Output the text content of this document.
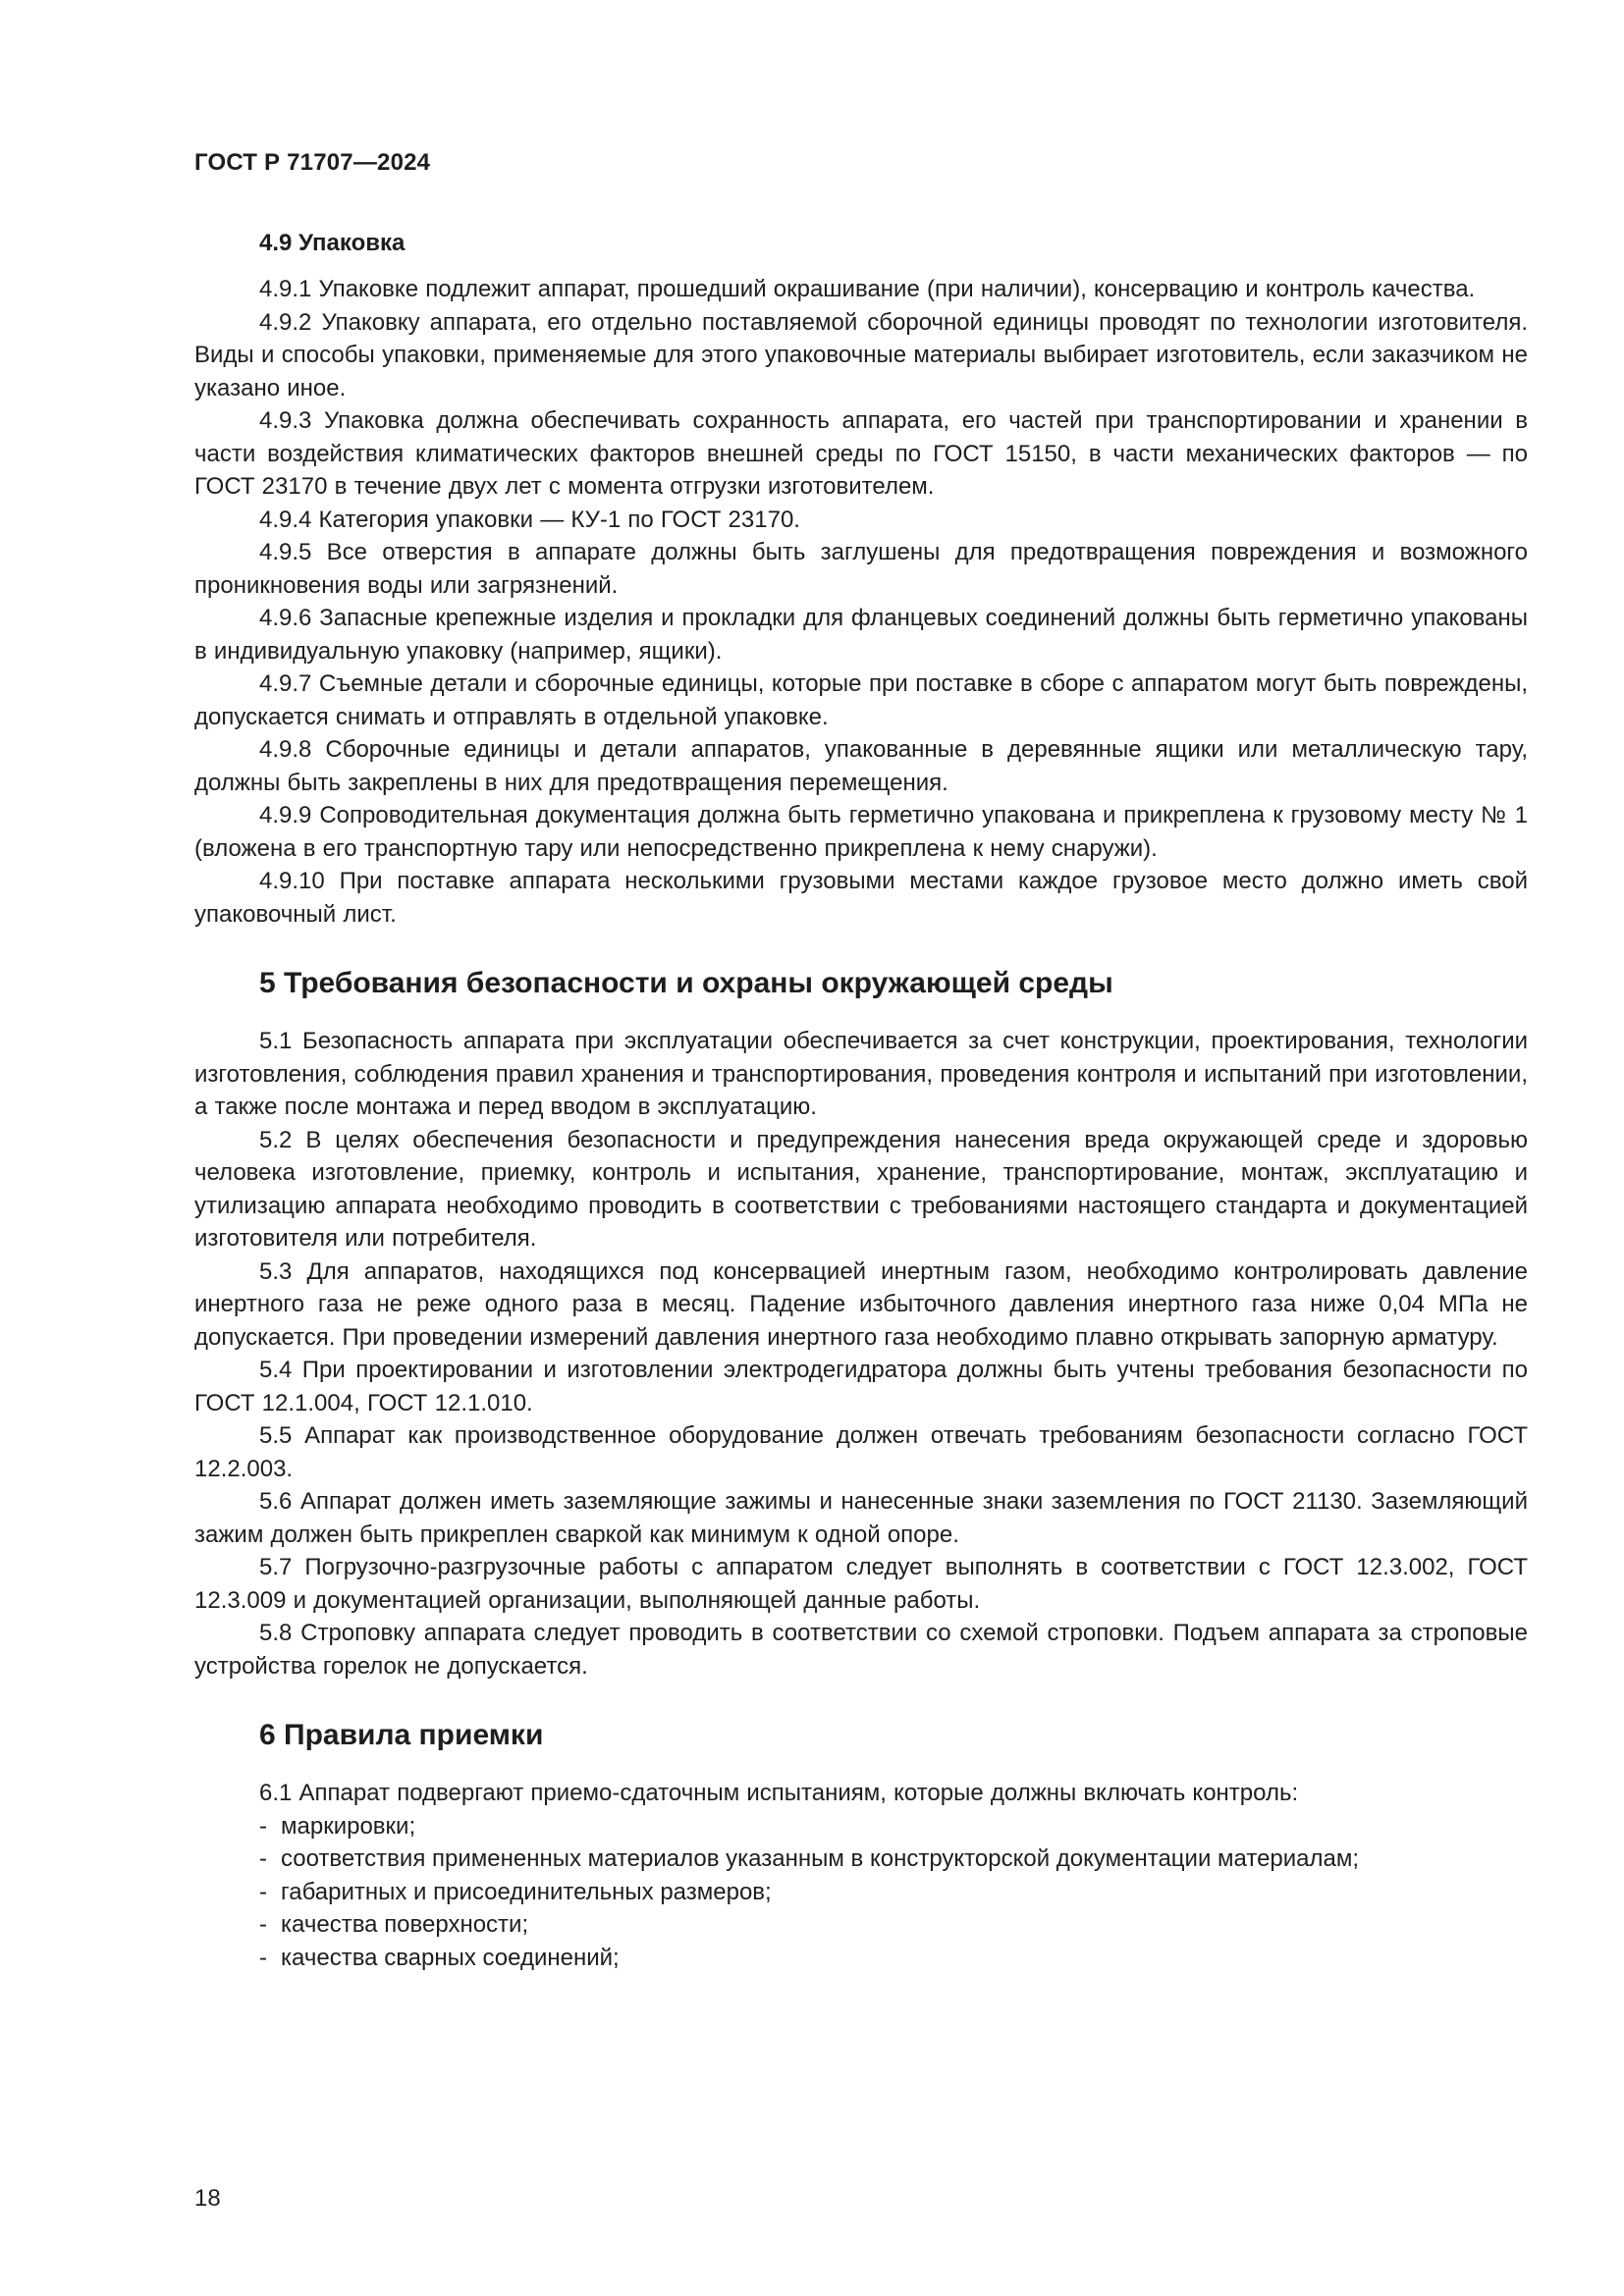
ГОСТ Р 71707—2024
4.9 Упаковка

4.9.1 Упаковке подлежит аппарат, прошедший окрашивание (при наличии), консервацию и контроль качества.

4.9.2 Упаковку аппарата, его отдельно поставляемой сборочной единицы проводят по технологии изготовителя. Виды и способы упаковки, применяемые для этого упаковочные материалы выбирает изготовитель, если заказчиком не указано иное.

4.9.3 Упаковка должна обеспечивать сохранность аппарата, его частей при транспортировании и хранении в части воздействия климатических факторов внешней среды по ГОСТ 15150, в части механических факторов — по ГОСТ 23170 в течение двух лет с момента отгрузки изготовителем.

4.9.4 Категория упаковки — КУ-1 по ГОСТ 23170.

4.9.5 Все отверстия в аппарате должны быть заглушены для предотвращения повреждения и возможного проникновения воды или загрязнений.

4.9.6 Запасные крепежные изделия и прокладки для фланцевых соединений должны быть герметично упакованы в индивидуальную упаковку (например, ящики).

4.9.7 Съемные детали и сборочные единицы, которые при поставке в сборе с аппаратом могут быть повреждены, допускается снимать и отправлять в отдельной упаковке.

4.9.8 Сборочные единицы и детали аппаратов, упакованные в деревянные ящики или металлическую тару, должны быть закреплены в них для предотвращения перемещения.

4.9.9 Сопроводительная документация должна быть герметично упакована и прикреплена к грузовому месту № 1 (вложена в его транспортную тару или непосредственно прикреплена к нему снаружи).

4.9.10 При поставке аппарата несколькими грузовыми местами каждое грузовое место должно иметь свой упаковочный лист.

5 Требования безопасности и охраны окружающей среды

5.1 Безопасность аппарата при эксплуатации обеспечивается за счет конструкции, проектирования, технологии изготовления, соблюдения правил хранения и транспортирования, проведения контроля и испытаний при изготовлении, а также после монтажа и перед вводом в эксплуатацию.

5.2 В целях обеспечения безопасности и предупреждения нанесения вреда окружающей среде и здоровью человека изготовление, приемку, контроль и испытания, хранение, транспортирование, монтаж, эксплуатацию и утилизацию аппарата необходимо проводить в соответствии с требованиями настоящего стандарта и документацией изготовителя или потребителя.

5.3 Для аппаратов, находящихся под консервацией инертным газом, необходимо контролировать давление инертного газа не реже одного раза в месяц. Падение избыточного давления инертного газа ниже 0,04 МПа не допускается. При проведении измерений давления инертного газа необходимо плавно открывать запорную арматуру.

5.4 При проектировании и изготовлении электродегидратора должны быть учтены требования безопасности по ГОСТ 12.1.004, ГОСТ 12.1.010.

5.5 Аппарат как производственное оборудование должен отвечать требованиям безопасности согласно ГОСТ 12.2.003.

5.6 Аппарат должен иметь заземляющие зажимы и нанесенные знаки заземления по ГОСТ 21130. Заземляющий зажим должен быть прикреплен сваркой как минимум к одной опоре.

5.7 Погрузочно-разгрузочные работы с аппаратом следует выполнять в соответствии с ГОСТ 12.3.002, ГОСТ 12.3.009 и документацией организации, выполняющей данные работы.

5.8 Строповку аппарата следует проводить в соответствии со схемой строповки. Подъем аппарата за строповые устройства горелок не допускается.

6 Правила приемки

6.1 Аппарат подвергают приемо-сдаточным испытаниям, которые должны включать контроль:

- маркировки;
- соответствия примененных материалов указанным в конструкторской документации материалам;
- габаритных и присоединительных размеров;
- качества поверхности;
- качества сварных соединений;
18
